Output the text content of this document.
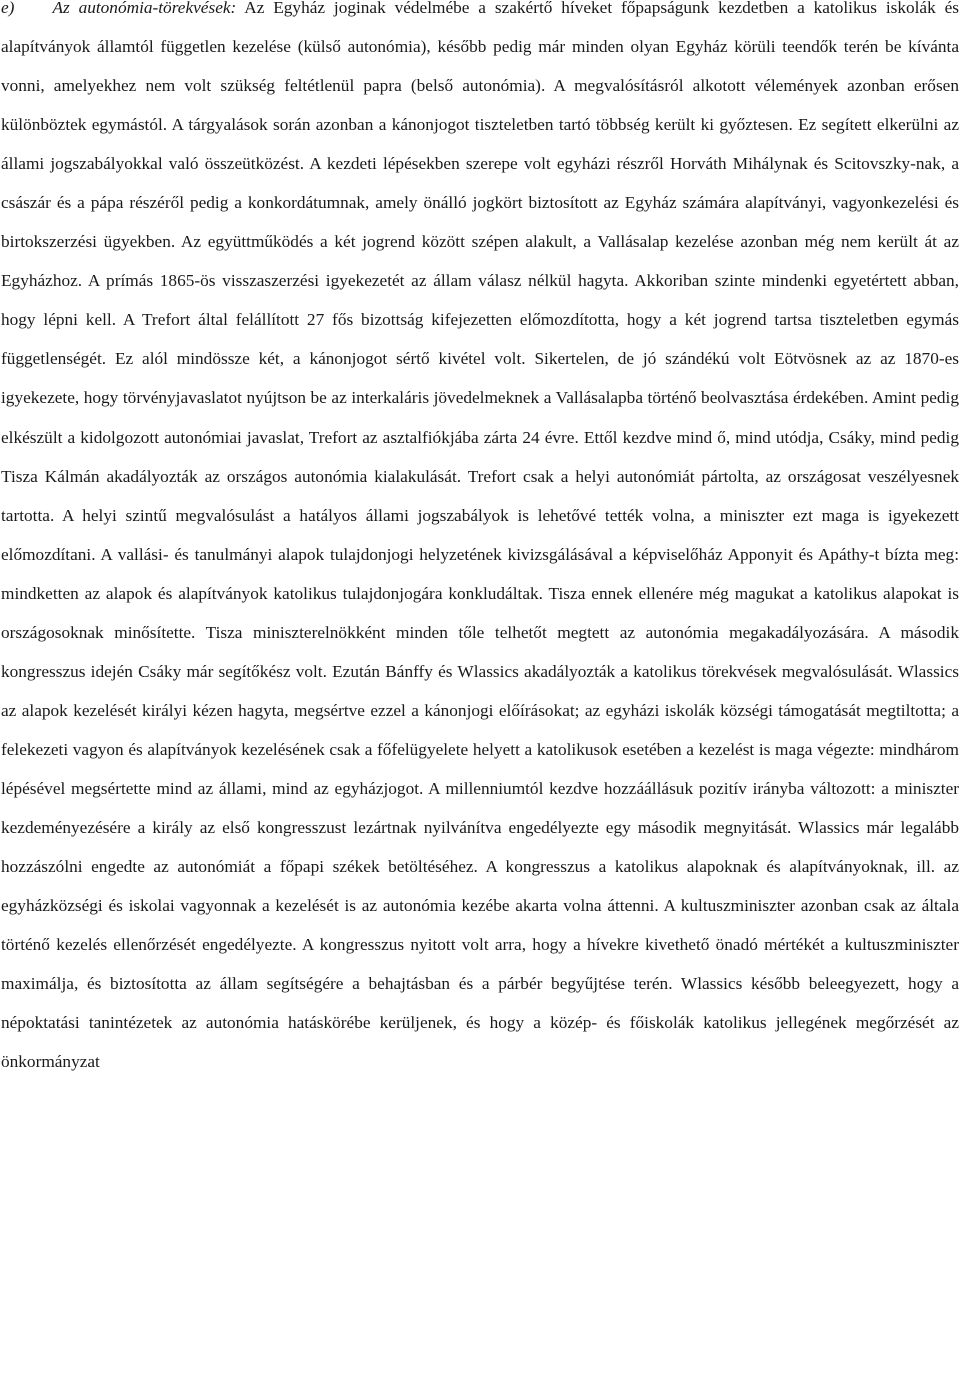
e) Az autonómia-törekvések: Az Egyház joginak védelmébe a szakértő híveket főpapságunk kezdetben a katolikus iskolák és alapítványok államtól független kezelése (külső autonómia), később pedig már minden olyan Egyház körüli teendők terén be kívánta vonni, amelyekhez nem volt szükség feltétlenül papra (belső autonómia). A megvalósításról alkotott vélemények azonban erősen különböztek egymástól. A tárgyalások során azonban a kánonjogot tiszteletben tartó többség került ki győztesen. Ez segített elkerülni az állami jogszabályokkal való összeütközést. A kezdeti lépésekben szerepe volt egyházi részről Horváth Mihálynak és Scitovszky-nak, a császár és a pápa részéről pedig a konkordátumnak, amely önálló jogkört biztosított az Egyház számára alapítványi, vagyonkezelési és birtokszerzési ügyekben. Az együttműködés a két jogrend között szépen alakult, a Vallásalap kezelése azonban még nem került át az Egyházhoz. A prímás 1865-ös visszaszerzési igyekezetét az állam válasz nélkül hagyta. Akkoriban szinte mindenki egyetértett abban, hogy lépni kell. A Trefort által felállított 27 fős bizottság kifejezetten előmozdította, hogy a két jogrend tartsa tiszteletben egymás függetlenségét. Ez alól mindössze két, a kánonjogot sértő kivétel volt. Sikertelen, de jó szándékú volt Eötvösnek az az 1870-es igyekezete, hogy törvényjavaslatot nyújtson be az interkaláris jövedelmeknek a Vallásalapba történő beolvasztása érdekében. Amint pedig elkészült a kidolgozott autonómiai javaslat, Trefort az asztalfiókjába zárta 24 évre. Ettől kezdve mind ő, mind utódja, Csáky, mind pedig Tisza Kálmán akadályozták az országos autonómia kialakulását. Trefort csak a helyi autonómiát pártolta, az országosat veszélyesnek tartotta. A helyi szintű megvalósulást a hatályos állami jogszabályok is lehetővé tették volna, a miniszter ezt maga is igyekezett előmozdítani. A vallási- és tanulmányi alapok tulajdonjogi helyzetének kivizsgálásával a képviselőház Apponyit és Apáthy-t bízta meg: mindketten az alapok és alapítványok katolikus tulajdonjogára konkludáltak. Tisza ennek ellenére még magukat a katolikus alapokat is országosoknak minősítette. Tisza miniszterelnökként minden tőle telhetőt megtett az autonómia megakadályozására. A második kongresszus idején Csáky már segítőkész volt. Ezután Bánffy és Wlassics akadályozták a katolikus törekvések megvalósulását. Wlassics az alapok kezelését királyi kézen hagyta, megsértve ezzel a kánonjogi előírásokat; az egyházi iskolák községi támogatását megtiltotta; a felekezeti vagyon és alapítványok kezelésének csak a főfelügyelete helyett a katolikusok esetében a kezelést is maga végezte: mindhárom lépésével megsértette mind az állami, mind az egyházjogot. A millenniumtól kezdve hozzáállásuk pozitív irányba változott: a miniszter kezdeményezésére a király az első kongresszust lezártnak nyilvánítva engedélyezte egy második megnyitását. Wlassics már legalább hozzászólni engedte az autonómiát a főpapi székek betöltéséhez. A kongresszus a katolikus alapoknak és alapítványoknak, ill. az egyházközségi és iskolai vagyonnak a kezelését is az autonómia kezébe akarta volna áttenni. A kultuszminiszter azonban csak az általa történő kezelés ellenőrzését engedélyezte. A kongresszus nyitott volt arra, hogy a hívekre kivethető önadó mértékét a kultuszminiszter maximálja, és biztosította az állam segítségére a behajtásban és a párbér begyűjtése terén. Wlassics később beleegyezett, hogy a népoktatási tanintézetek az autonómia hatáskörébe kerüljenek, és hogy a közép- és főiskolák katolikus jellegének megőrzését az önkormányzat
